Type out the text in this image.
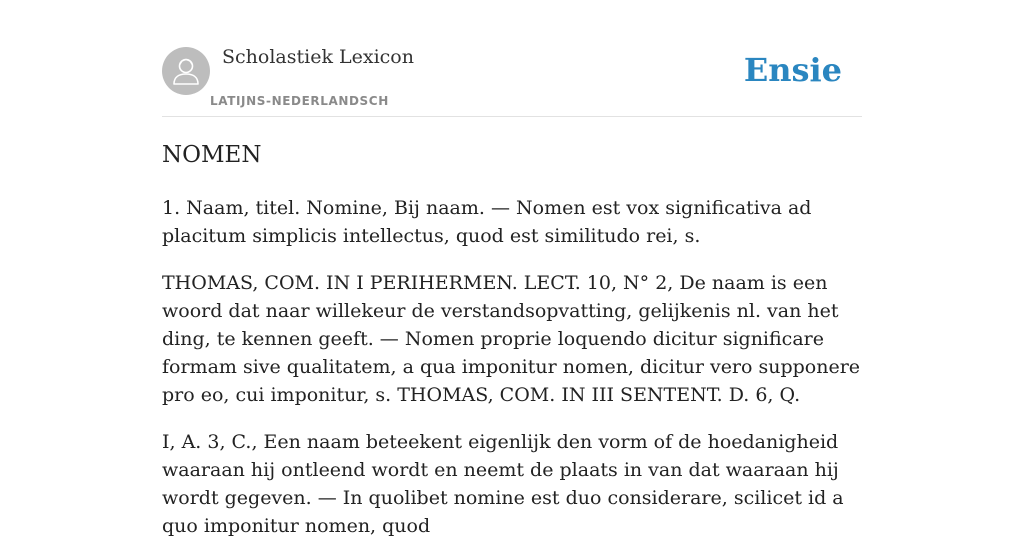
Scholastiek Lexicon
LATIJNS-NEDERLANDSCH
Ensie
NOMEN

1. Naam, titel. Nomine, Bij naam. — Nomen est vox significativa ad placitum simplicis intellectus, quod est similitudo rei, s.

THOMAS, COM. IN I PERIHERMEN. LECT. 10, N° 2, De naam is een woord dat naar willekeur de verstandsopvatting, gelijkenis nl. van het ding, te kennen geeft. — Nomen proprie loquendo dicitur significare formam sive qualitatem, a qua imponitur nomen, dicitur vero supponere pro eo, cui imponitur, s. THOMAS, COM. IN III SENTENT. D. 6, Q.

I, A. 3, C., Een naam beteekent eigenlijk den vorm of de hoedanigheid waaraan hij ontleend wordt en neemt de plaats in van dat waaraan hij wordt gegeven. — In quolibet nomine est duo considerare, scilicet id a quo imponitur nomen, quod
